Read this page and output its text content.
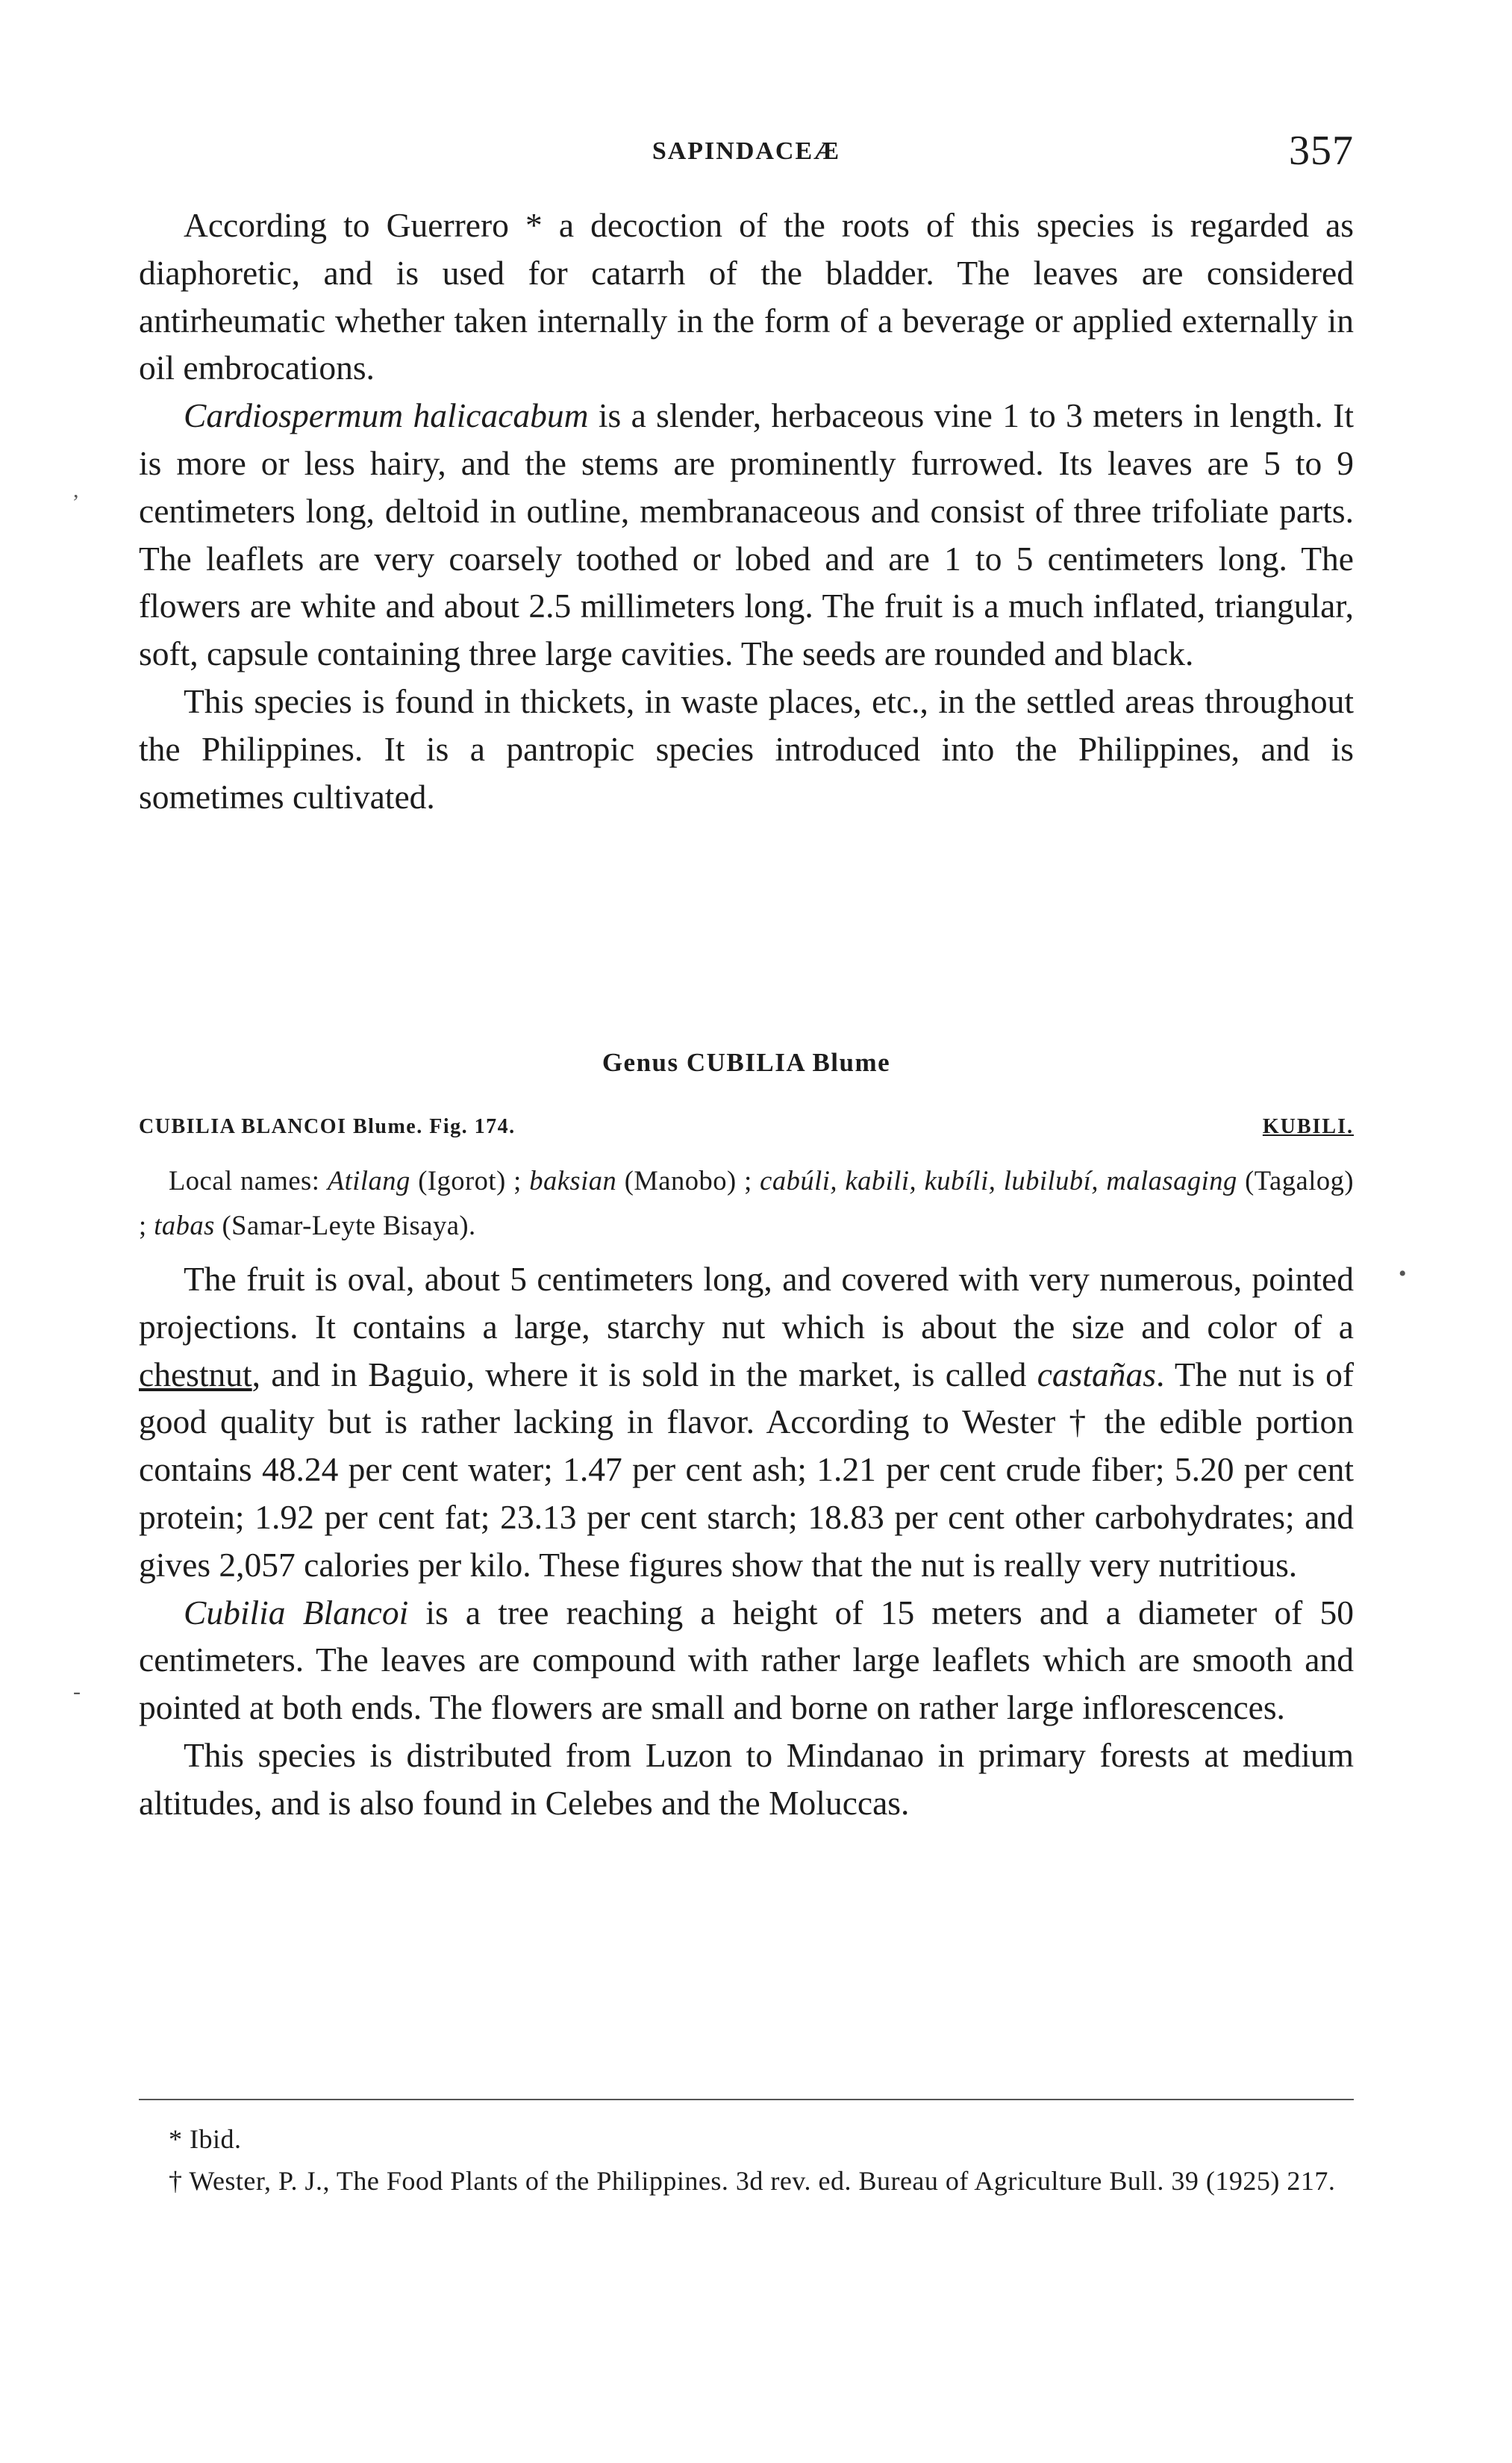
SAPINDACEÆ	357

According to Guerrero * a decoction of the roots of this species is regarded as diaphoretic, and is used for catarrh of the bladder. The leaves are considered antirheumatic whether taken internally in the form of a beverage or applied externally in oil embrocations.

Cardiospermum halicacabum is a slender, herbaceous vine 1 to 3 meters in length. It is more or less hairy, and the stems are prominently furrowed. Its leaves are 5 to 9 centimeters long, deltoid in outline, membranaceous and consist of three trifoliate parts. The leaflets are very coarsely toothed or lobed and are 1 to 5 centimeters long. The flowers are white and about 2.5 millimeters long. The fruit is a much inflated, triangular, soft, capsule containing three large cavities. The seeds are rounded and black.

This species is found in thickets, in waste places, etc., in the settled areas throughout the Philippines. It is a pantropic species introduced into the Philippines, and is sometimes cultivated.

Genus CUBILIA Blume
CUBILIA BLANCOI Blume. Fig. 174.	KUBILI.

Local names: Atilang (Igorot) ; baksian (Manobo) ; cabúli, kabili, kubíli, lubilubí, malasaging (Tagalog) ; tabas (Samar-Leyte Bisaya).

The fruit is oval, about 5 centimeters long, and covered with very numerous, pointed projections. It contains a large, starchy nut which is about the size and color of a chestnut, and in Baguio, where it is sold in the market, is called castañas. The nut is of good quality but is rather lacking in flavor. According to Wester † the edible portion contains 48.24 per cent water; 1.47 per cent ash; 1.21 per cent crude fiber; 5.20 per cent protein; 1.92 per cent fat; 23.13 per cent starch; 18.83 per cent other carbohydrates; and gives 2,057 calories per kilo. These figures show that the nut is really very nutritious.

Cubilia Blancoi is a tree reaching a height of 15 meters and a diameter of 50 centimeters. The leaves are compound with rather large leaflets which are smooth and pointed at both ends. The flowers are small and borne on rather large inflorescences.

This species is distributed from Luzon to Mindanao in primary forests at medium altitudes, and is also found in Celebes and the Moluccas.

* Ibid.

† Wester, P. J., The Food Plants of the Philippines. 3d rev. ed. Bureau of Agriculture Bull. 39 (1925) 217.

,
•
-
